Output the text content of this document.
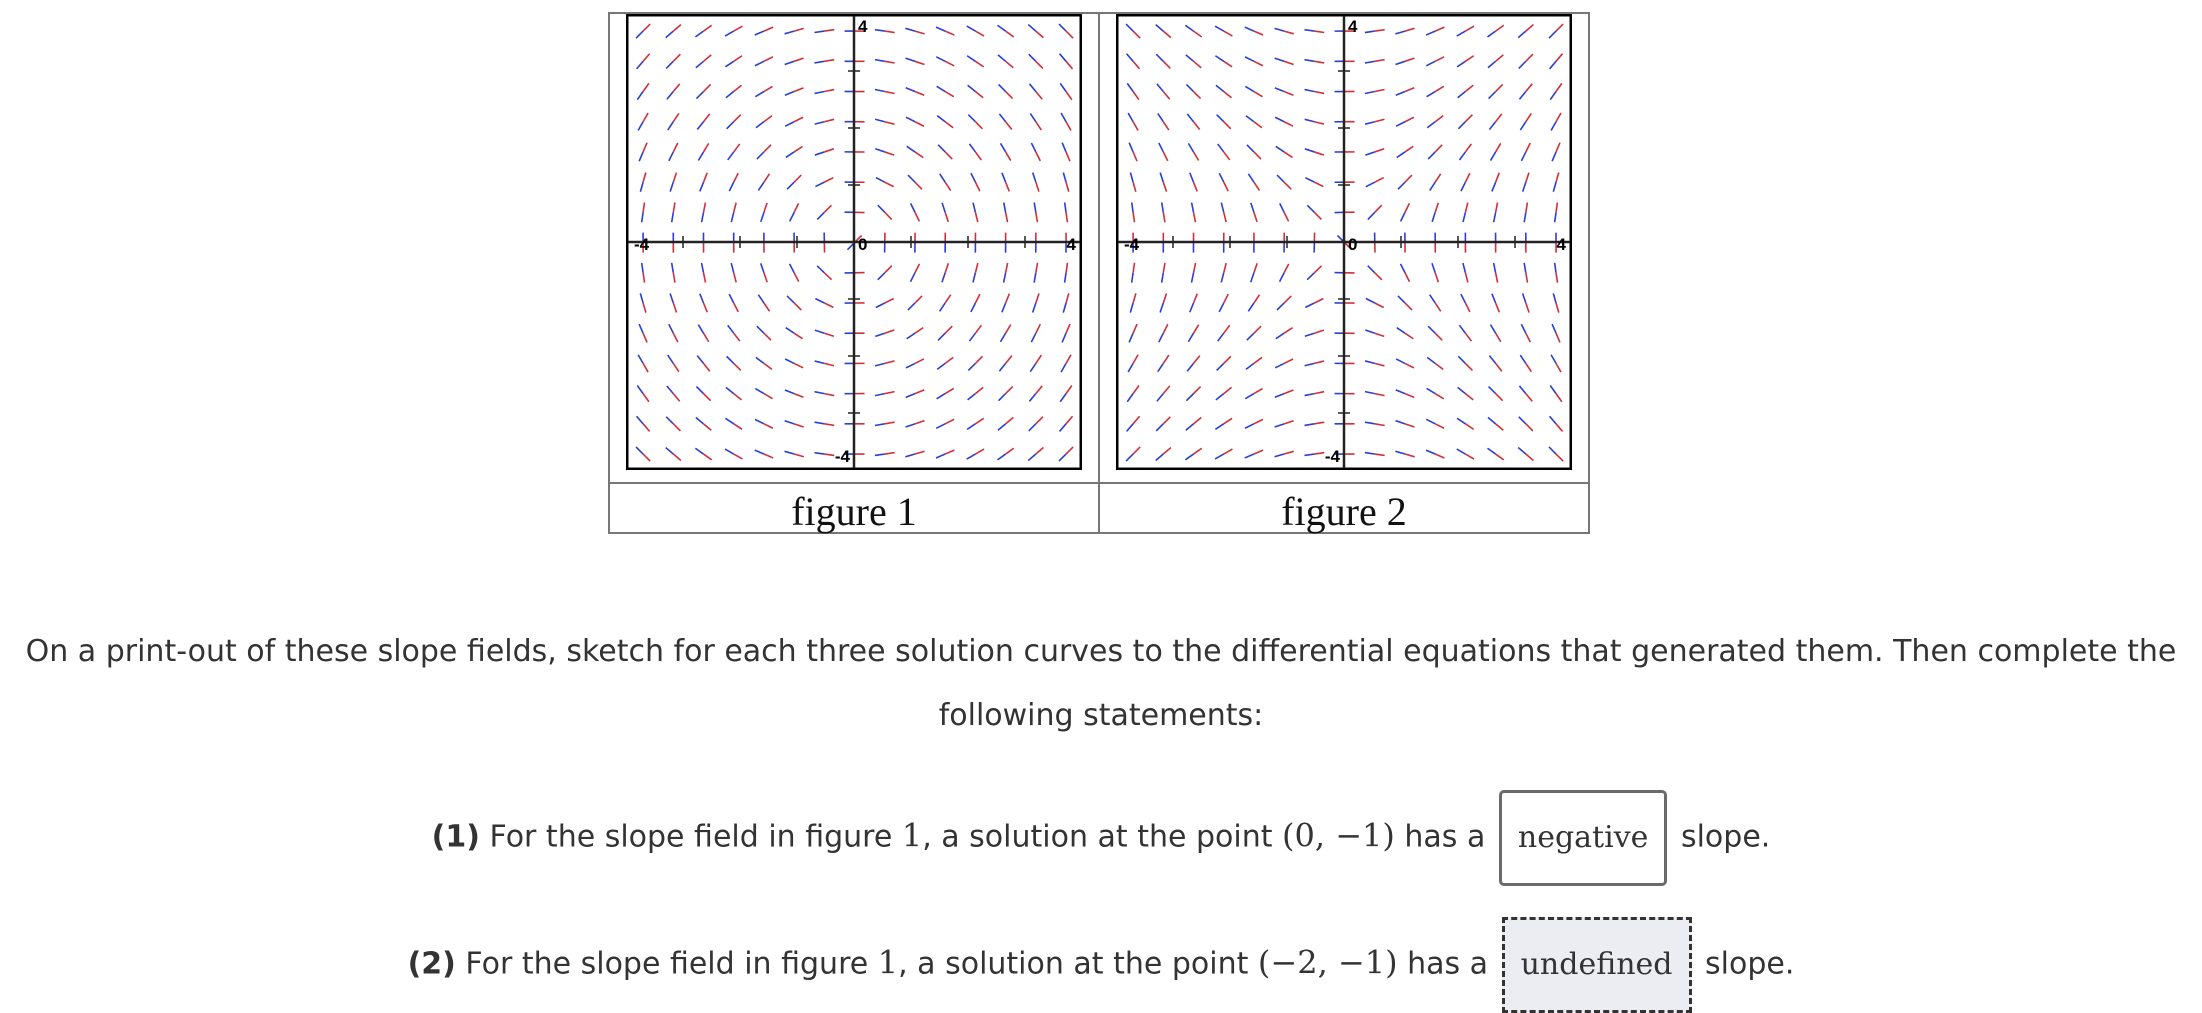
4
-4
-4	4
0
4
-4
-4	4
0
figure 1	figure 2
On a print-out of these slope fields, sketch for each three solution curves to the differential equations that generated them. Then complete the following statements:
(1) For the slope field in figure 1, a solution at the point (0, −1) has a negative slope.
(2) For the slope field in figure 1, a solution at the point (−2, −1) has a undefined slope.
